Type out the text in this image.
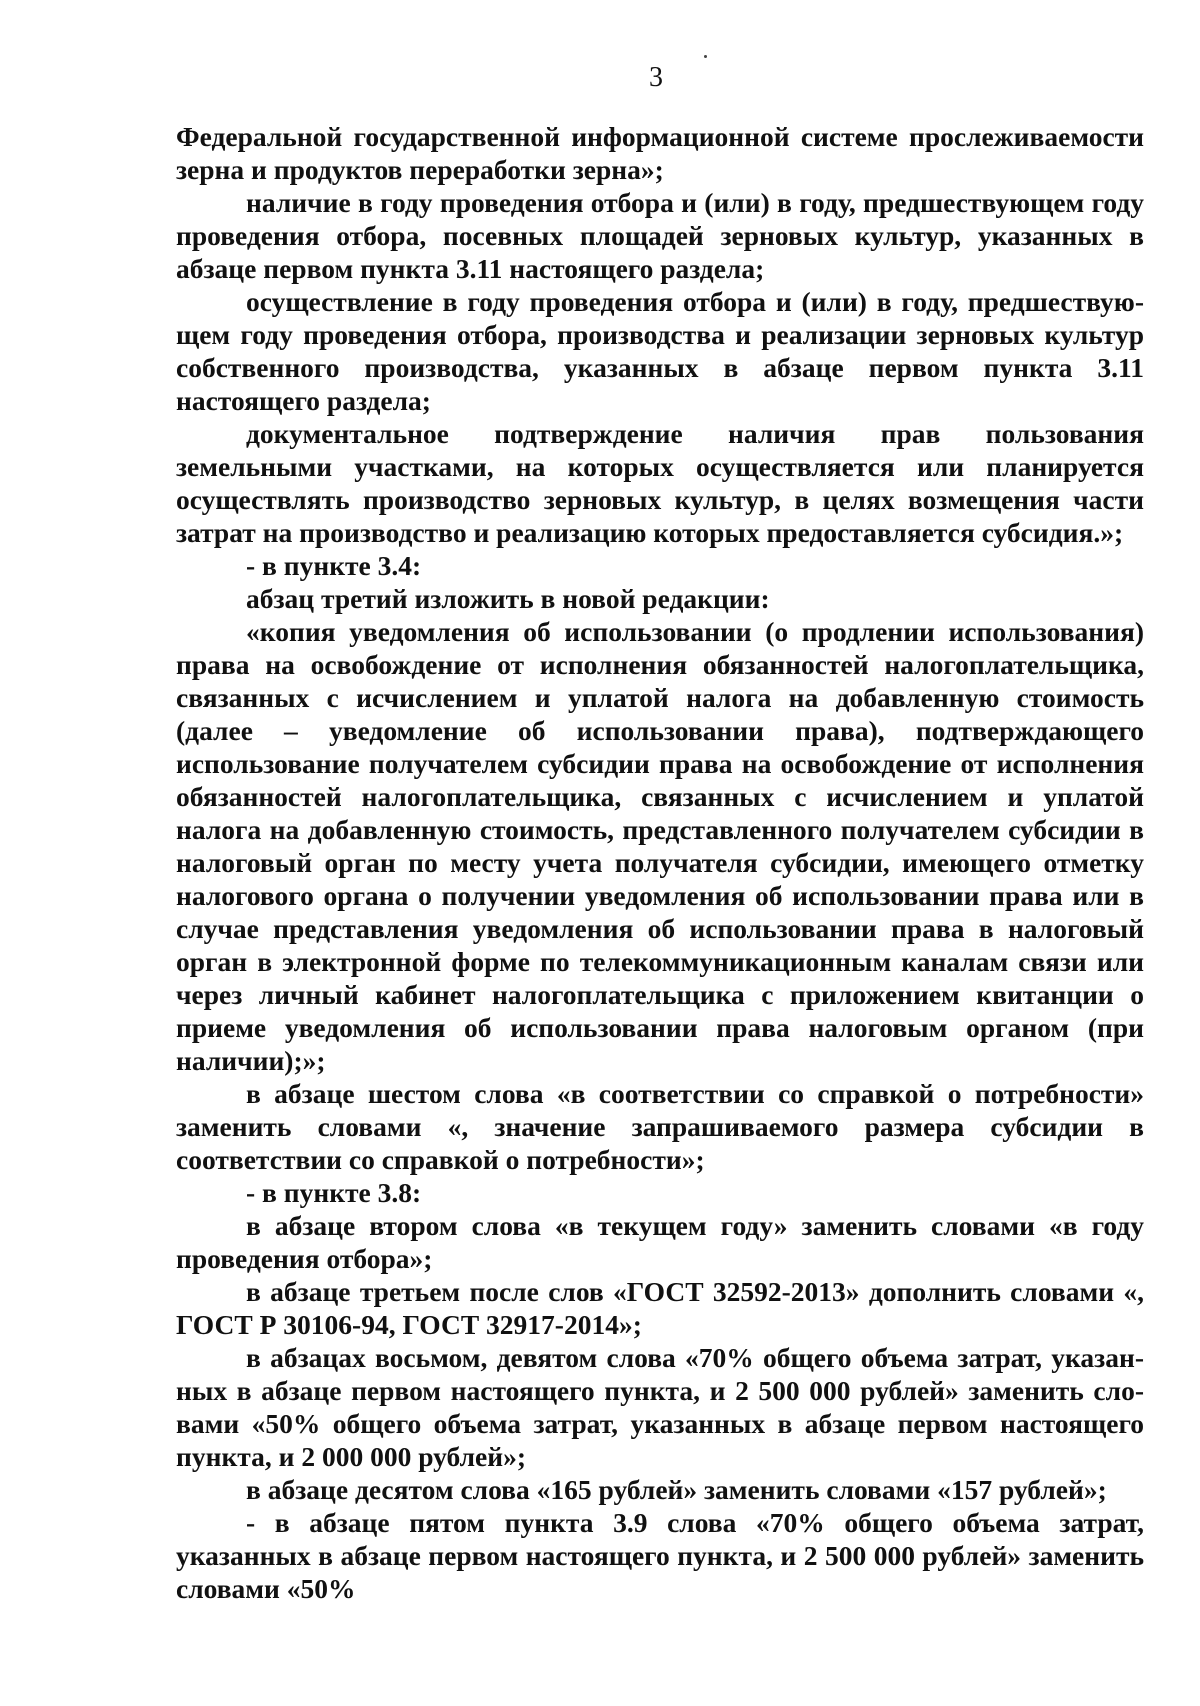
3

Федеральной государственной информационной системе прослеживаемости зерна и продуктов переработки зерна»;

наличие в году проведения отбора и (или) в году, предшествующем году проведения отбора, посевных площадей зерновых культур, указанных в абзаце первом пункта 3.11 настоящего раздела;

осуществление в году проведения отбора и (или) в году, предшествующем году проведения отбора, производства и реализации зерновых культур собственного производства, указанных в абзаце первом пункта 3.11 настоящего раздела;

документальное подтверждение наличия прав пользования земельными участками, на которых осуществляется или планируется осуществлять производство зерновых культур, в целях возмещения части затрат на производство и реализацию которых предоставляется субсидия.»;

- в пункте 3.4:

абзац третий изложить в новой редакции:

«копия уведомления об использовании (о продлении использования) права на освобождение от исполнения обязанностей налогоплательщика, связанных с исчислением и уплатой налога на добавленную стоимость (далее – уведомление об использовании права), подтверждающего использование получателем субсидии права на освобождение от исполнения обязанностей налогоплательщика, связанных с исчислением и уплатой налога на добавленную стоимость, представленного получателем субсидии в налоговый орган по месту учета получателя субсидии, имеющего отметку налогового органа о получении уведомления об использовании права или в случае представления уведомления об использовании права в налоговый орган в электронной форме по телекоммуникационным каналам связи или через личный кабинет налогоплательщика с приложением квитанции о приеме уведомления об использовании права налоговым органом (при наличии);»;

в абзаце шестом слова «в соответствии со справкой о потребности» заменить словами «, значение запрашиваемого размера субсидии в соответствии со справкой о потребности»;

- в пункте 3.8:

в абзаце втором слова «в текущем году» заменить словами «в году проведения отбора»;

в абзаце третьем после слов «ГОСТ 32592-2013» дополнить словами «, ГОСТ Р 30106-94, ГОСТ 32917-2014»;

в абзацах восьмом, девятом слова «70% общего объема затрат, указанных в абзаце первом настоящего пункта, и 2 500 000 рублей» заменить словами «50% общего объема затрат, указанных в абзаце первом настоящего пункта, и 2 000 000 рублей»;

в абзаце десятом слова «165 рублей» заменить словами «157 рублей»;

- в абзаце пятом пункта 3.9 слова «70% общего объема затрат, указанных в абзаце первом настоящего пункта, и 2 500 000 рублей» заменить словами «50%
